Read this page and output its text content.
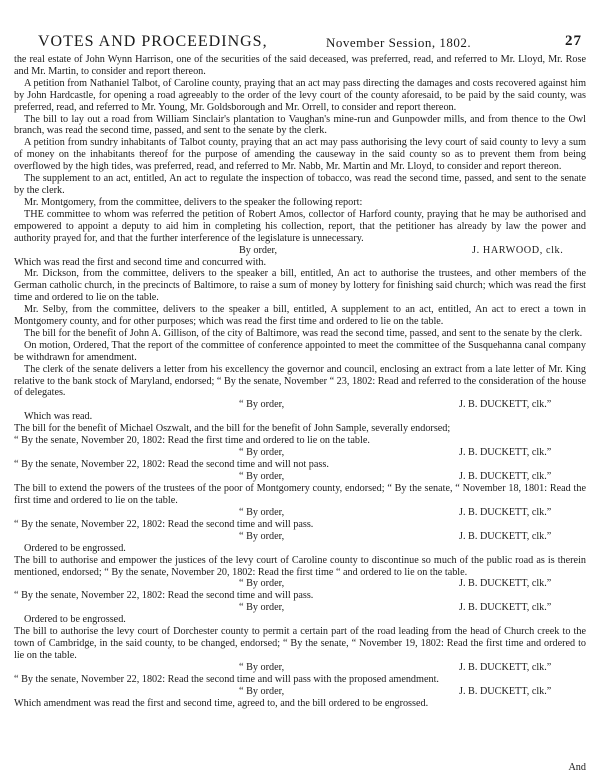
VOTES AND PROCEEDINGS,	November Session, 1802.	27

the real estate of John Wynn Harrison, one of the securities of the said deceased, was preferred, read, and referred to Mr. Lloyd, Mr. Rose and Mr. Martin, to consider and report thereon.

A petition from Nathaniel Talbot, of Caroline county, praying that an act may pass directing the damages and costs recovered against him by John Hardcastle, for opening a road agreeably to the order of the levy court of the county aforesaid, to be paid by the said county, was preferred, read, and referred to Mr. Young, Mr. Goldsborough and Mr. Orrell, to consider and report thereon.

The bill to lay out a road from William Sinclair's plantation to Vaughan's mine-run and Gunpowder mills, and from thence to the Owl branch, was read the second time, passed, and sent to the senate by the clerk.

A petition from sundry inhabitants of Talbot county, praying that an act may pass authorising the levy court of said county to levy a sum of money on the inhabitants thereof for the purpose of amending the causeway in the said county so as to prevent them from being overflowed by the high tides, was preferred, read, and referred to Mr. Nabb, Mr. Martin and Mr. Lloyd, to consider and report thereon.

The supplement to an act, entitled, An act to regulate the inspection of tobacco, was read the second time, passed, and sent to the senate by the clerk.

Mr. Montgomery, from the committee, delivers to the speaker the following report:

THE committee to whom was referred the petition of Robert Amos, collector of Harford county, praying that he may be authorised and empowered to appoint a deputy to aid him in completing his collection, report, that the petitioner has already by law the power and authority prayed for, and that the further interference of the legislature is unnecessary.

By order,	J. HARWOOD, clk.

Which was read the first and second time and concurred with.

Mr. Dickson, from the committee, delivers to the speaker a bill, entitled, An act to authorise the trustees, and other members of the German catholic church, in the precincts of Baltimore, to raise a sum of money by lottery for finishing said church; which was read the first time and ordered to lie on the table.

Mr. Selby, from the committee, delivers to the speaker a bill, entitled, A supplement to an act, entitled, An act to erect a town in Montgomery county, and for other purposes; which was read the first time and ordered to lie on the table.

The bill for the benefit of John A. Gillison, of the city of Baltimore, was read the second time, passed, and sent to the senate by the clerk.

On motion, Ordered, That the report of the committee of conference appointed to meet the committee of the Susquehanna canal company be withdrawn for amendment.

The clerk of the senate delivers a letter from his excellency the governor and council, enclosing an extract from a late letter of Mr. King relative to the bank stock of Maryland, endorsed; “ By the senate, November “ 23, 1802: Read and referred to the consideration of the house of delegates.

“ By order,	J. B. DUCKETT, clk.”

Which was read.

The bill for the benefit of Michael Oszwalt, and the bill for the benefit of John Sample, severally endorsed;

“ By the senate, November 20, 1802: Read the first time and ordered to lie on the table.

“ By order,	J. B. DUCKETT, clk.”

“ By the senate, November 22, 1802: Read the second time and will not pass.

“ By order,	J. B. DUCKETT, clk.”

The bill to extend the powers of the trustees of the poor of Montgomery county, endorsed; “ By the senate, “ November 18, 1801: Read the first time and ordered to lie on the table.

“ By order,	J. B. DUCKETT, clk.”

“ By the senate, November 22, 1802: Read the second time and will pass.

“ By order,	J. B. DUCKETT, clk.”

Ordered to be engrossed.

The bill to authorise and empower the justices of the levy court of Caroline county to discontinue so much of the public road as is therein mentioned, endorsed; “ By the senate, November 20, 1802: Read the first time “ and ordered to lie on the table.

“ By order,	J. B. DUCKETT, clk.”

“ By the senate, November 22, 1802: Read the second time and will pass.

“ By order,	J. B. DUCKETT, clk.”

Ordered to be engrossed.

The bill to authorise the levy court of Dorchester county to permit a certain part of the road leading from the head of Church creek to the town of Cambridge, in the said county, to be changed, endorsed; “ By the senate, “ November 19, 1802: Read the first time and ordered to lie on the table.

“ By order,	J. B. DUCKETT, clk.”

“ By the senate, November 22, 1802: Read the second time and will pass with the proposed amendment.

“ By order,	J. B. DUCKETT, clk.”

Which amendment was read the first and second time, agreed to, and the bill ordered to be engrossed.

And
